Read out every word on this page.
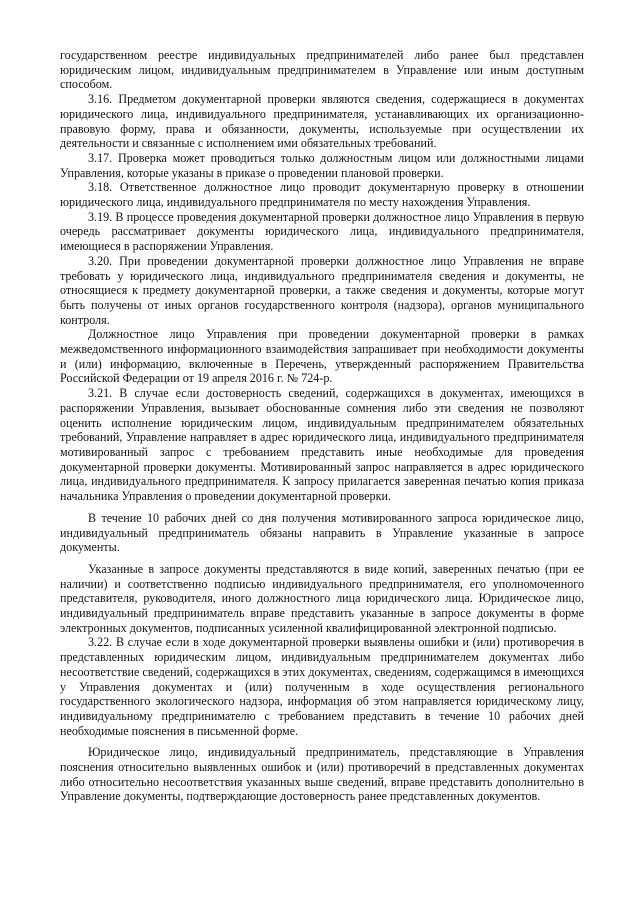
государственном реестре индивидуальных предпринимателей либо ранее был представлен юридическим лицом, индивидуальным предпринимателем в Управление или иным доступным способом.

3.16. Предметом документарной проверки являются сведения, содержащиеся в документах юридического лица, индивидуального предпринимателя, устанавливающих их организационно-правовую форму, права и обязанности, документы, используемые при осуществлении их деятельности и связанные с исполнением ими обязательных требований.

3.17. Проверка может проводиться только должностным лицом или должностными лицами Управления, которые указаны в приказе о проведении плановой проверки.

3.18. Ответственное должностное лицо проводит документарную проверку в отношении юридического лица, индивидуального предпринимателя по месту нахождения Управления.

3.19. В процессе проведения документарной проверки должностное лицо Управления в первую очередь рассматривает документы юридического лица, индивидуального предпринимателя, имеющиеся в распоряжении Управления.

3.20. При проведении документарной проверки должностное лицо Управления не вправе требовать у юридического лица, индивидуального предпринимателя сведения и документы, не относящиеся к предмету документарной проверки, а также сведения и документы, которые могут быть получены от иных органов государственного контроля (надзора), органов муниципального контроля.

Должностное лицо Управления при проведении документарной проверки в рамках межведомственного информационного взаимодействия запрашивает при необходимости документы и (или) информацию, включенные в Перечень, утвержденный распоряжением Правительства Российской Федерации от 19 апреля 2016 г. № 724-р.

3.21. В случае если достоверность сведений, содержащихся в документах, имеющихся в распоряжении Управления, вызывает обоснованные сомнения либо эти сведения не позволяют оценить исполнение юридическим лицом, индивидуальным предпринимателем обязательных требований, Управление направляет в адрес юридического лица, индивидуального предпринимателя мотивированный запрос с требованием представить иные необходимые для проведения документарной проверки документы. Мотивированный запрос направляется в адрес юридического лица, индивидуального предпринимателя. К запросу прилагается заверенная печатью копия приказа начальника Управления о проведении документарной проверки.

В течение 10 рабочих дней со дня получения мотивированного запроса юридическое лицо, индивидуальный предприниматель обязаны направить в Управление указанные в запросе документы.

Указанные в запросе документы представляются в виде копий, заверенных печатью (при ее наличии) и соответственно подписью индивидуального предпринимателя, его уполномоченного представителя, руководителя, иного должностного лица юридического лица. Юридическое лицо, индивидуальный предприниматель вправе представить указанные в запросе документы в форме электронных документов, подписанных усиленной квалифицированной электронной подписью.

3.22. В случае если в ходе документарной проверки выявлены ошибки и (или) противоречия в представленных юридическим лицом, индивидуальным предпринимателем документах либо несоответствие сведений, содержащихся в этих документах, сведениям, содержащимся в имеющихся у Управления документах и (или) полученным в ходе осуществления регионального государственного экологического надзора, информация об этом направляется юридическому лицу, индивидуальному предпринимателю с требованием представить в течение 10 рабочих дней необходимые пояснения в письменной форме.

Юридическое лицо, индивидуальный предприниматель, представляющие в Управления пояснения относительно выявленных ошибок и (или) противоречий в представленных документах либо относительно несоответствия указанных выше сведений, вправе представить дополнительно в Управление документы, подтверждающие достоверность ранее представленных документов.
